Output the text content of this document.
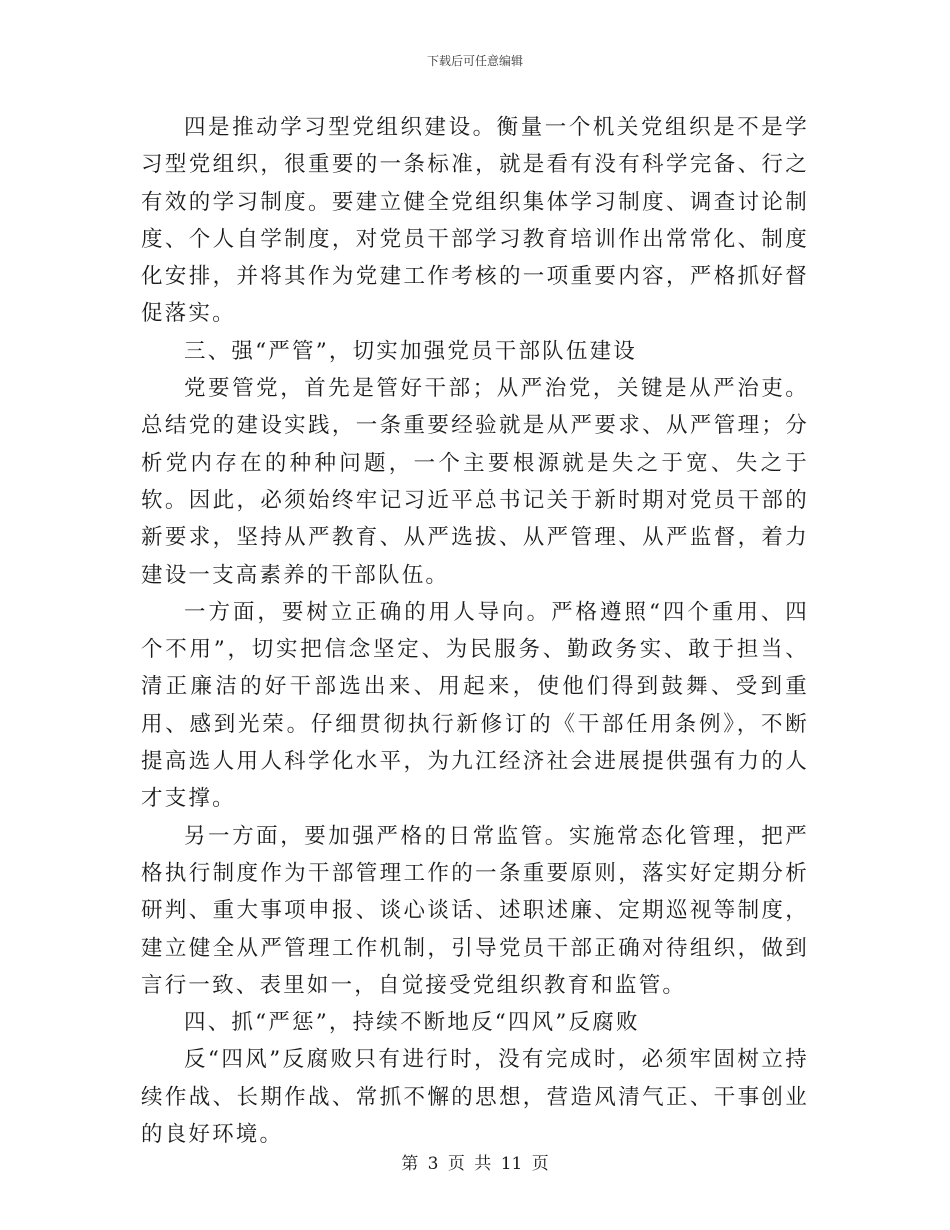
下载后可任意编辑

四是推动学习型党组织建设。衡量一个机关党组织是不是学习型党组织，很重要的一条标准，就是看有没有科学完备、行之有效的学习制度。要建立健全党组织集体学习制度、调查讨论制度、个人自学制度，对党员干部学习教育培训作出常常化、制度化安排，并将其作为党建工作考核的一项重要内容，严格抓好督促落实。

三、强“严管”，切实加强党员干部队伍建设

党要管党，首先是管好干部；从严治党，关键是从严治吏。总结党的建设实践，一条重要经验就是从严要求、从严管理；分析党内存在的种种问题，一个主要根源就是失之于宽、失之于软。因此，必须始终牢记习近平总书记关于新时期对党员干部的新要求，坚持从严教育、从严选拔、从严管理、从严监督，着力建设一支高素养的干部队伍。

一方面，要树立正确的用人导向。严格遵照“四个重用、四个不用”，切实把信念坚定、为民服务、勤政务实、敢于担当、清正廉洁的好干部选出来、用起来，使他们得到鼓舞、受到重用、感到光荣。仔细贯彻执行新修订的《干部任用条例》，不断提高选人用人科学化水平，为九江经济社会进展提供强有力的人才支撑。

另一方面，要加强严格的日常监管。实施常态化管理，把严格执行制度作为干部管理工作的一条重要原则，落实好定期分析研判、重大事项申报、谈心谈话、述职述廉、定期巡视等制度，建立健全从严管理工作机制，引导党员干部正确对待组织，做到言行一致、表里如一，自觉接受党组织教育和监管。

四、抓“严惩”，持续不断地反“四风”反腐败

反“四风”反腐败只有进行时，没有完成时，必须牢固树立持续作战、长期作战、常抓不懈的思想，营造风清气正、干事创业的良好环境。

第 3 页 共 11 页
